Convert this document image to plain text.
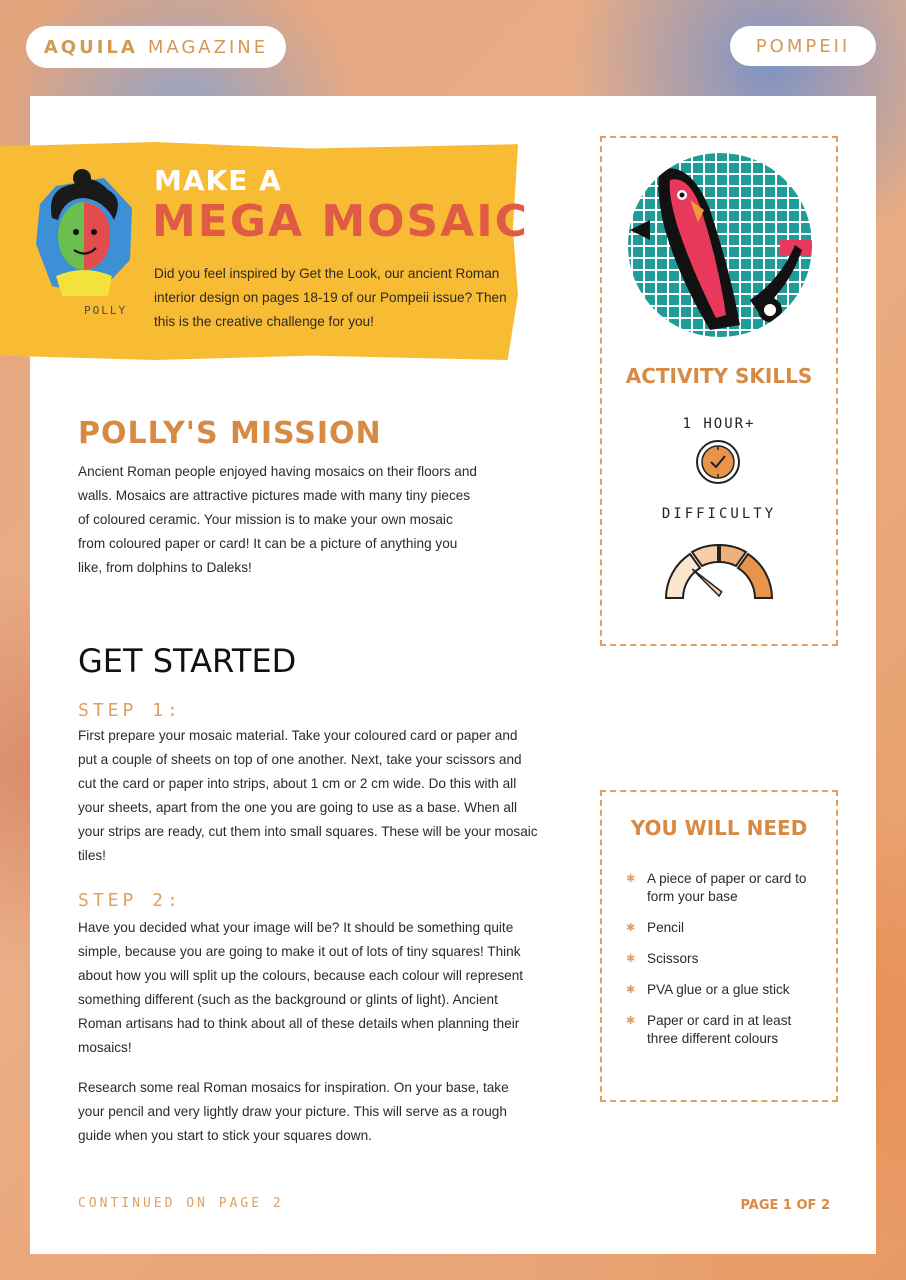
AQUILA MAGAZINE	POMPEII
POLLY
MAKE A
MEGA MOSAIC
Did you feel inspired by Get the Look, our ancient Roman interior design on pages 18-19 of our Pompeii issue? Then this is the creative challenge for you!
POLLY'S MISSION
Ancient Roman people enjoyed having mosaics on their floors and walls. Mosaics are attractive pictures made with many tiny pieces of coloured ceramic. Your mission is to make your own mosaic from coloured paper or card! It can be a picture of anything you like, from dolphins to Daleks!
GET STARTED
STEP 1:
First prepare your mosaic material. Take your coloured card or paper and put a couple of sheets on top of one another. Next, take your scissors and cut the card or paper into strips, about 1 cm or 2 cm wide. Do this with all your sheets, apart from the one you are going to use as a base. When all your strips are ready, cut them into small squares. These will be your mosaic tiles!
STEP 2:
Have you decided what your image will be? It should be something quite simple, because you are going to make it out of lots of tiny squares! Think about how you will split up the colours, because each colour will represent something different (such as the background or glints of light). Ancient Roman artisans had to think about all of these details when planning their mosaics!
Research some real Roman mosaics for inspiration. On your base, take your pencil and very lightly draw your picture. This will serve as a rough guide when you start to stick your squares down.
CONTINUED ON PAGE 2	PAGE 1 OF 2
ACTIVITY SKILLS
1 HOUR+
DIFFICULTY
YOU WILL NEED
✱ A piece of paper or card to form your base
✱ Pencil
✱ Scissors
✱ PVA glue or a glue stick
✱ Paper or card in at least three different colours
